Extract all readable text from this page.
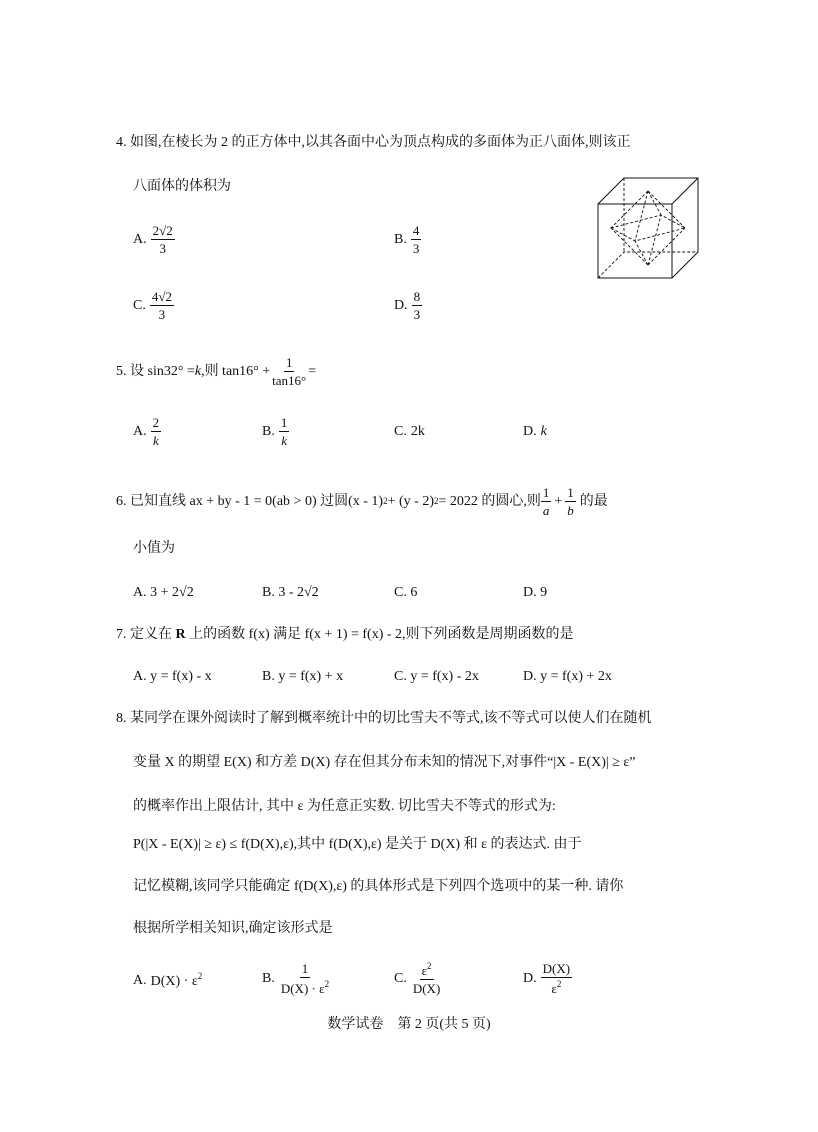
4. 如图,在棱长为 2 的正方体中,以其各面中心为顶点构成的多面体为正八面体,则该正
八面体的体积为
A. $\frac{2√2}{3}$	B. $\frac{4}{3}$
C. $\frac{4√2}{3}$	D. $\frac{8}{3}$
5. 设 sin32° = k ,则 $\tan 16^\circ + \frac{1}{\tan 16^\circ}$ =
A. $\frac{2}{k}$	B. $\frac{1}{k}$	C. 2k	D. k
6. 已知直线 ax + by - 1 = 0(ab > 0) 过圆(x - 1) 2 + (y - 2) 2 = 2022 的圆心,则 $\frac{1}{a} + \frac{1}{b}$ 的最
小值为
A. 3 + 2√2	B. 3 - 2√2	C. 6	D. 9
7. 定义在 R 上的函数 f(x) 满足 f(x + 1) = f(x) - 2,则下列函数是周期函数的是
A. y = f(x) - x	B. y = f(x) + x	C. y = f(x) - 2x	D. y = f(x) + 2x
8. 某同学在课外阅读时了解到概率统计中的切比雪夫不等式,该不等式可以使人们在随机
变量 X 的期望 E(X) 和方差 D(X) 存在但其分布未知的情况下,对事件“|X - E(X)| ≥ ε”
的概率作出上限估计, 其中 ε 为任意正实数. 切比雪夫不等式的形式为:
P(|X - E(X)| ≥ ε) ≤ f(D(X),ε),其中 f(D(X),ε) 是关于 D(X) 和 ε 的表达式. 由于
记忆模糊,该同学只能确定 f(D(X),ε) 的具体形式是下列四个选项中的某一种. 请你
根据所学相关知识,确定该形式是
A. $D(X) \cdot \varepsilon^2$	B. $\frac{1}{D(X) \cdot \varepsilon^2}$	C. $\frac{\varepsilon^2}{D(X)}$	D. $\frac{D(X)}{\varepsilon^2}$
数学试卷　第 2 页(共 5 页)
